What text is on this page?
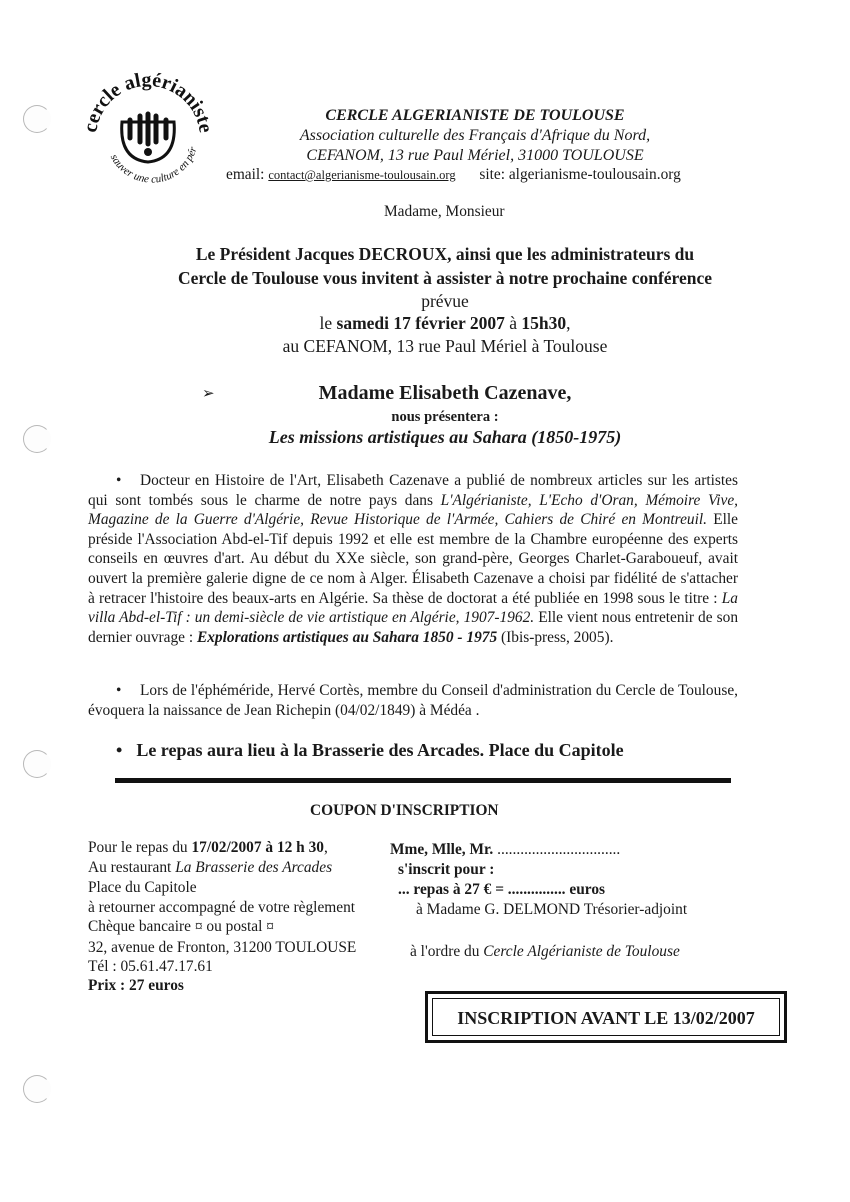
cercle algérianiste
sauver une culture en pér
CERCLE ALGERIANISTE DE TOULOUSE
Association culturelle des Français d'Afrique du Nord,
CEFANOM, 13 rue Paul Mériel, 31000 TOULOUSE
email: contact@algerianisme-toulousain.org site: algerianisme-toulousain.org
Madame, Monsieur
Le Président Jacques DECROUX, ainsi que les administrateurs du
Cercle de Toulouse vous invitent à assister à notre prochaine conférence
prévue
le samedi 17 février 2007 à 15h30,
au CEFANOM, 13 rue Paul Mériel à Toulouse
➢	Madame Elisabeth Cazenave,
nous présentera :
Les missions artistiques au Sahara (1850-1975)
• Docteur en Histoire de l'Art, Elisabeth Cazenave a publié de nombreux articles sur les artistes qui sont tombés sous le charme de notre pays dans L'Algérianiste, L'Echo d'Oran, Mémoire Vive, Magazine de la Guerre d'Algérie, Revue Historique de l'Armée, Cahiers de Chiré en Montreuil. Elle préside l'Association Abd-el-Tif depuis 1992 et elle est membre de la Chambre européenne des experts conseils en œuvres d'art. Au début du XXe siècle, son grand-père, Georges Charlet-Garaboueuf, avait ouvert la première galerie digne de ce nom à Alger. Élisabeth Cazenave a choisi par fidélité de s'attacher à retracer l'histoire des beaux-arts en Algérie. Sa thèse de doctorat a été publiée en 1998 sous le titre : La villa Abd-el-Tif : un demi-siècle de vie artistique en Algérie, 1907-1962. Elle vient nous entretenir de son dernier ouvrage : Explorations artistiques au Sahara 1850 - 1975 (Ibis-press, 2005).
• Lors de l'éphéméride, Hervé Cortès, membre du Conseil d'administration du Cercle de Toulouse, évoquera la naissance de Jean Richepin (04/02/1849) à Médéa .
• Le repas aura lieu à la Brasserie des Arcades. Place du Capitole
COUPON D'INSCRIPTION
Pour le repas du 17/02/2007 à 12 h 30,
Au restaurant La Brasserie des Arcades
Place du Capitole
à retourner accompagné de votre règlement
Chèque bancaire ¤ ou postal ¤
32, avenue de Fronton, 31200 TOULOUSE
Tél : 05.61.47.17.61
Prix : 27 euros
Mme, Mlle, Mr. ................................
s'inscrit pour :
... repas à 27 € = ............... euros
à Madame G. DELMOND Trésorier-adjoint
à l'ordre du Cercle Algérianiste de Toulouse
INSCRIPTION AVANT LE 13/02/2007
